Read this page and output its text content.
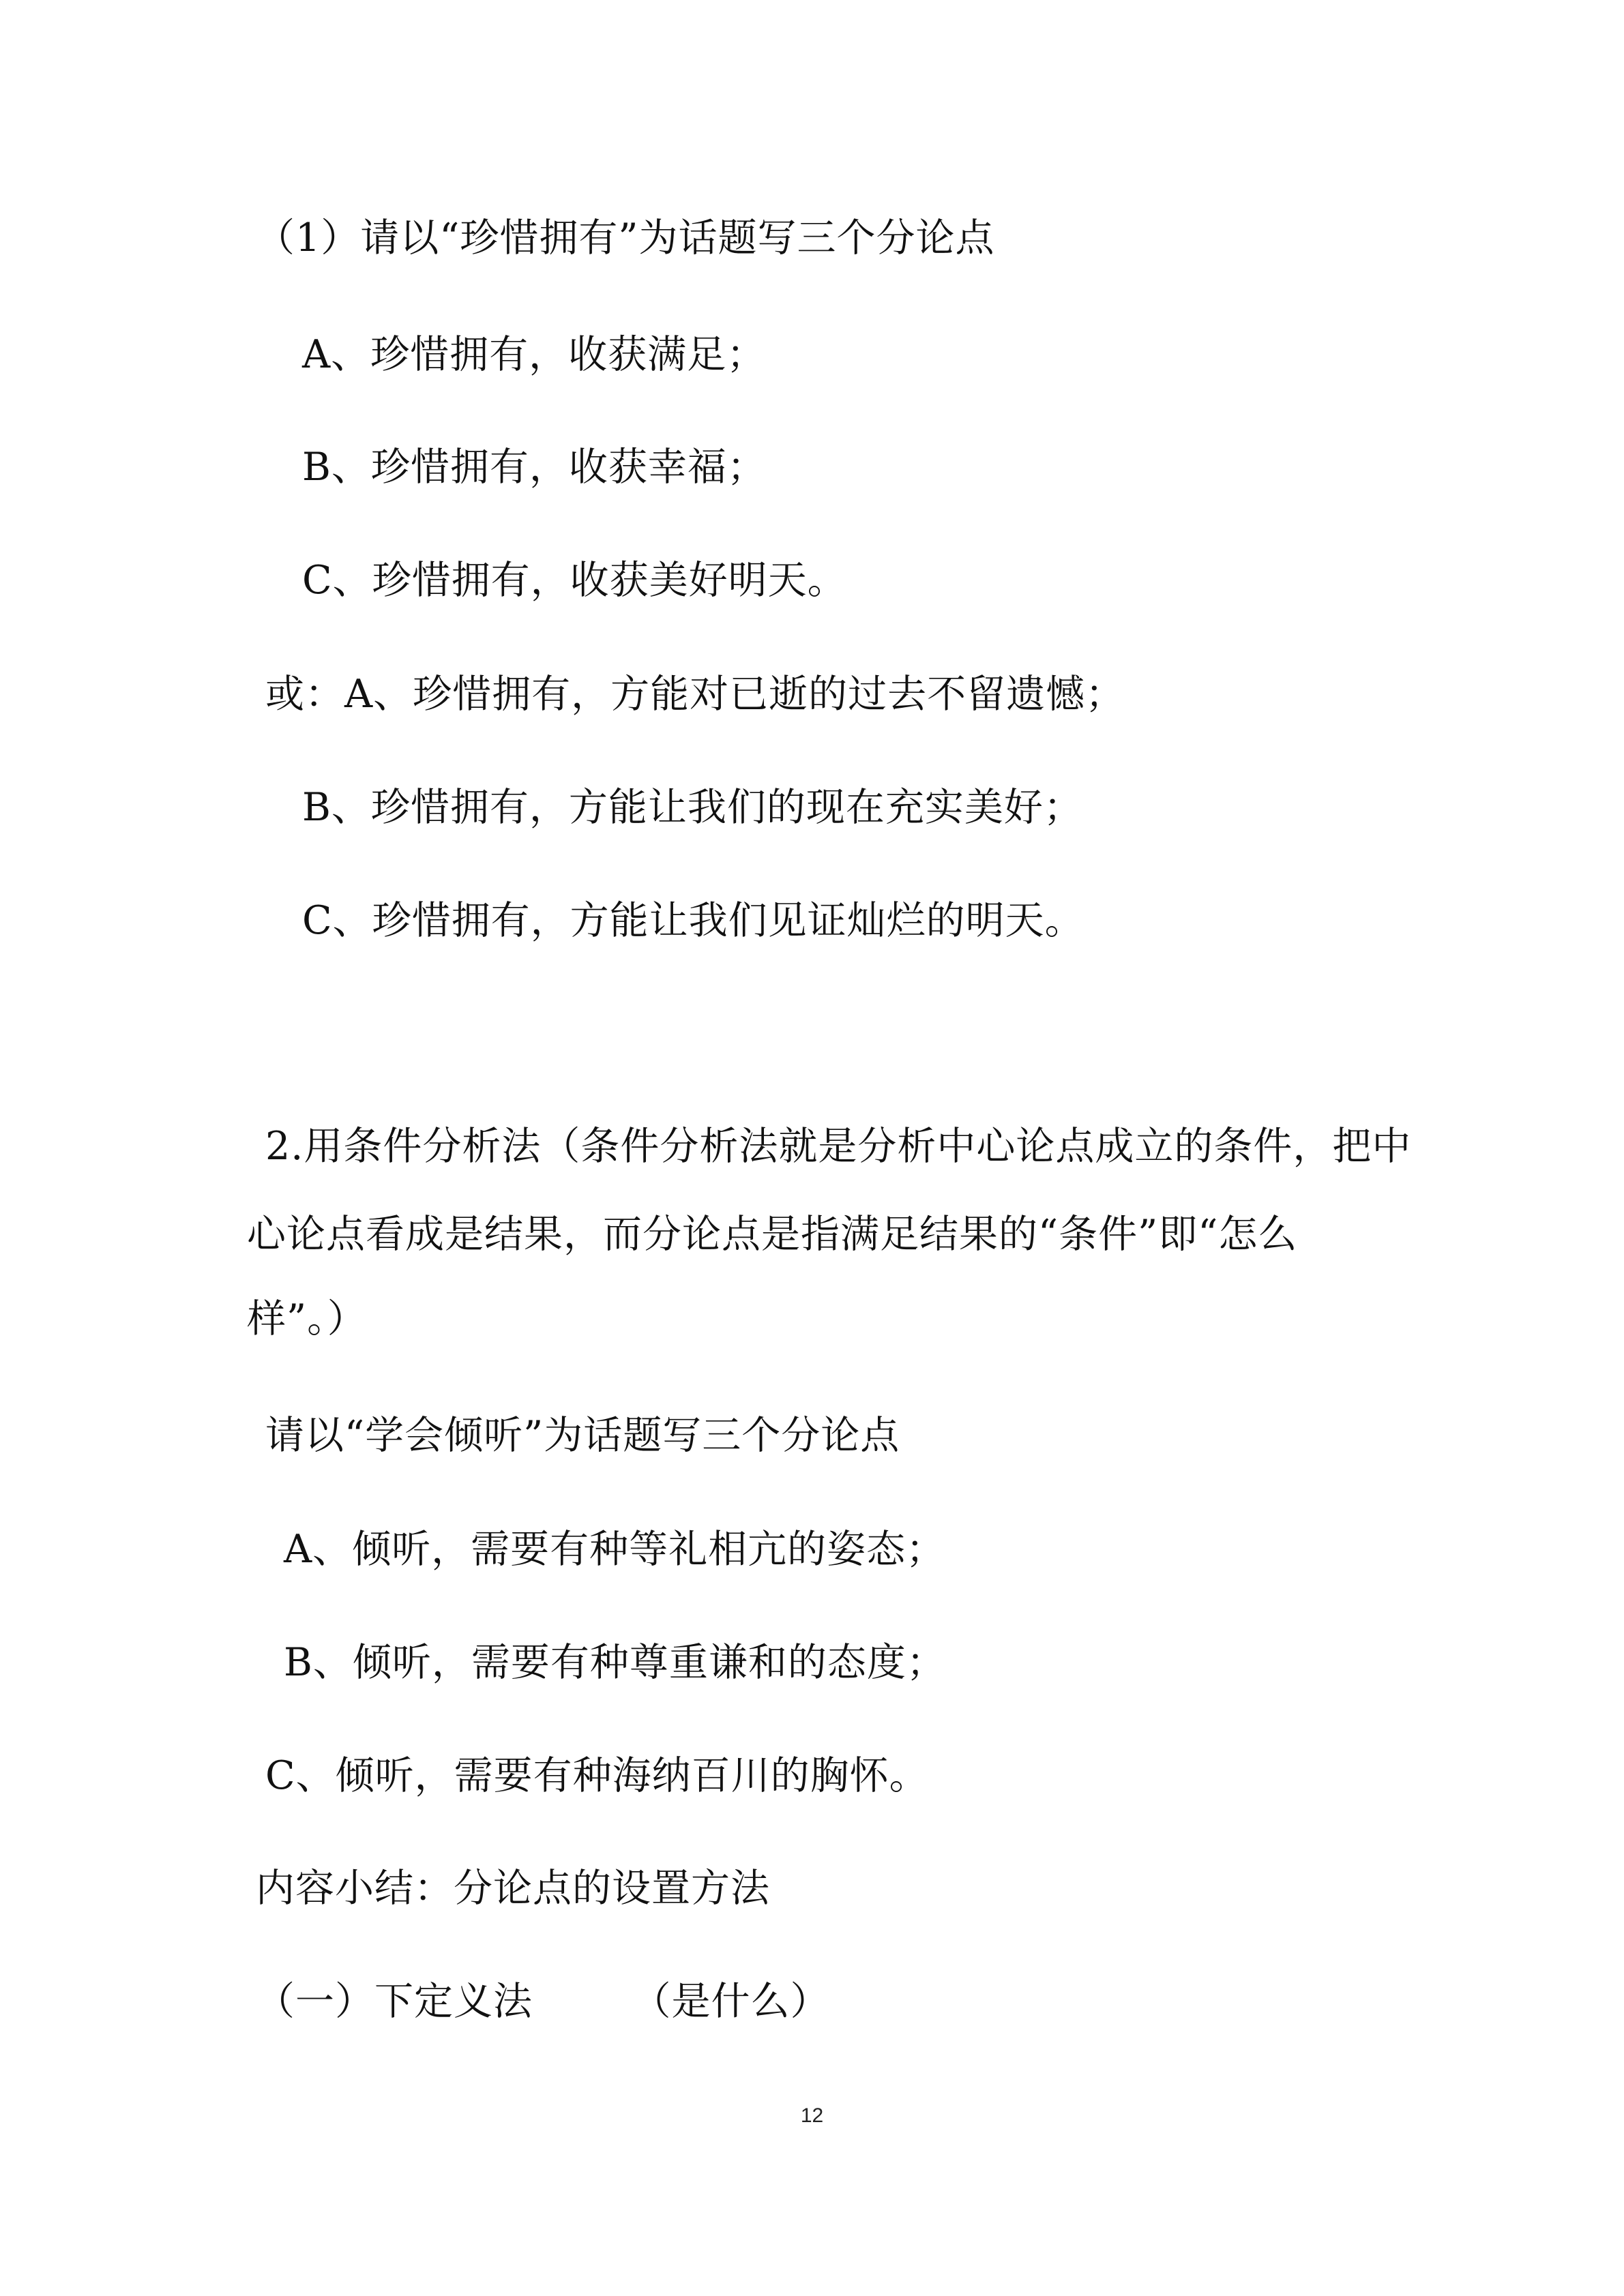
（1）请以“珍惜拥有”为话题写三个分论点
A、珍惜拥有，收获满足；
B、珍惜拥有，收获幸福；
C、珍惜拥有，收获美好明天。
或：A、珍惜拥有，方能对已逝的过去不留遗憾；
B、珍惜拥有，方能让我们的现在充实美好；
C、珍惜拥有，方能让我们见证灿烂的明天。
2.用条件分析法（条件分析法就是分析中心论点成立的条件，把中
心论点看成是结果，而分论点是指满足结果的“条件”即“怎么
样”。）
请以“学会倾听”为话题写三个分论点
A、倾听，需要有种等礼相亢的姿态；
B、倾听，需要有种尊重谦和的态度；
C、倾听，需要有种海纳百川的胸怀。
内容小结：分论点的设置方法
（一）下定义法　　　（是什么）
12
